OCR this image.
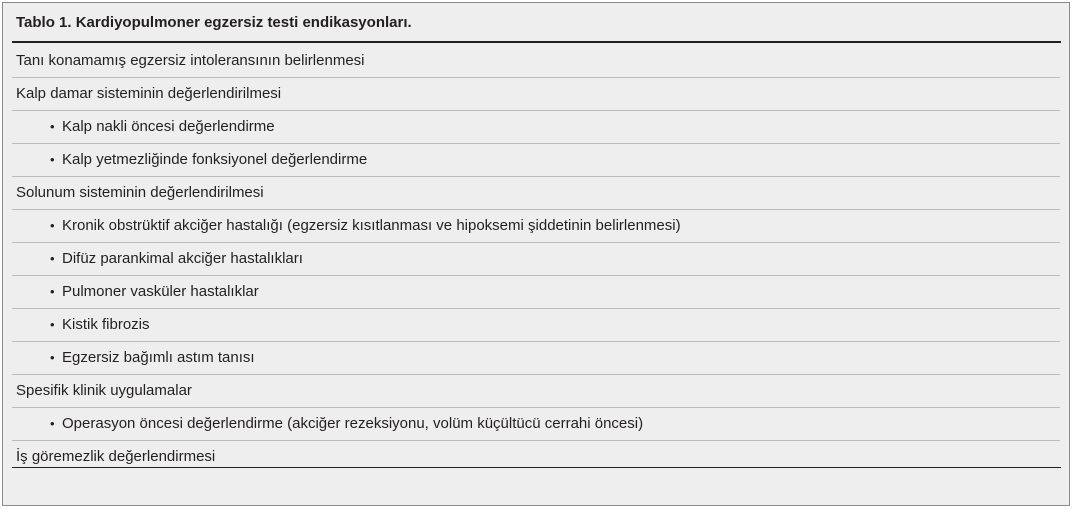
Tablo 1. Kardiyopulmoner egzersiz testi endikasyonları.
Tanı konamamış egzersiz intoleransının belirlenmesi
Kalp damar sisteminin değerlendirilmesi
• Kalp nakli öncesi değerlendirme
• Kalp yetmezliğinde fonksiyonel değerlendirme
Solunum sisteminin değerlendirilmesi
• Kronik obstrüktif akciğer hastalığı (egzersiz kısıtlanması ve hipoksemi şiddetinin belirlenmesi)
• Difüz parankimal akciğer hastalıkları
• Pulmoner vasküler hastalıklar
• Kistik fibrozis
• Egzersiz bağımlı astım tanısı
Spesifik klinik uygulamalar
• Operasyon öncesi değerlendirme (akciğer rezeksiyonu, volüm küçültücü cerrahi öncesi)
İş göremezlik değerlendirmesi
